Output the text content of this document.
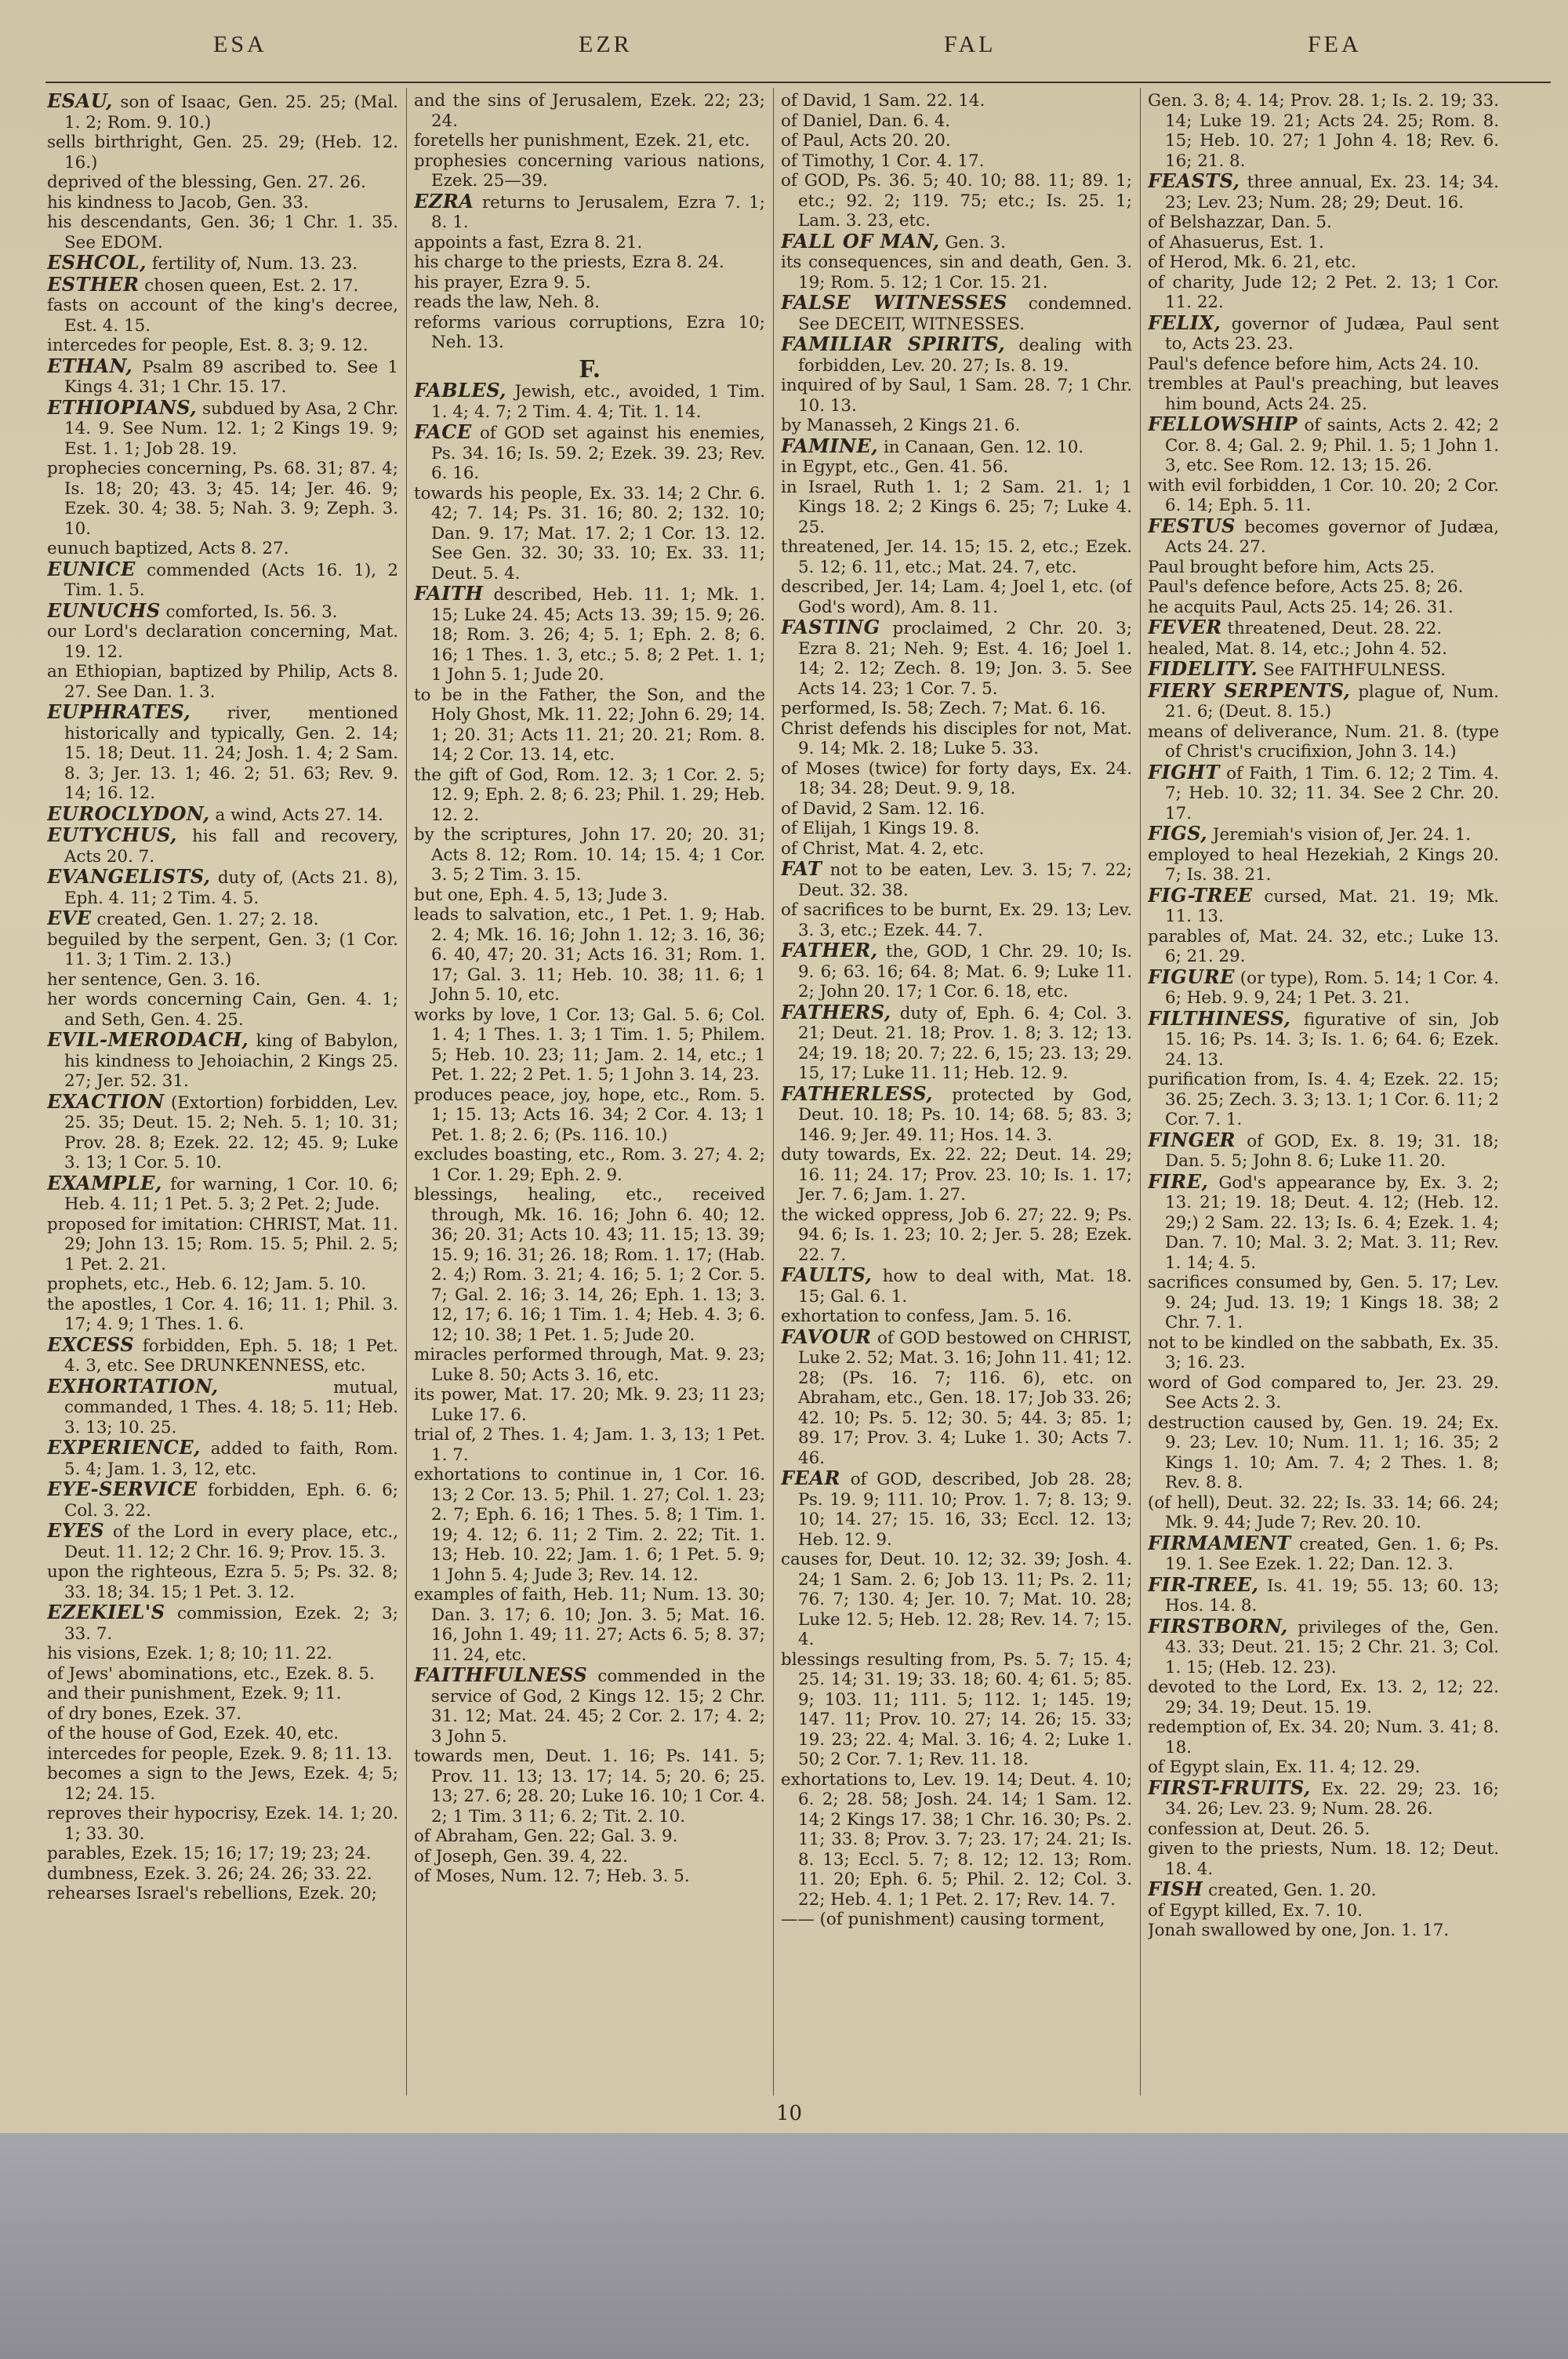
ESA	EZR	FAL	FEA

ESAU, son of Isaac, Gen. 25. 25; (Mal. 1. 2; Rom. 9. 10.)

sells birthright, Gen. 25. 29; (Heb. 12. 16.)

deprived of the blessing, Gen. 27. 26.

his kindness to Jacob, Gen. 33.

his descendants, Gen. 36; 1 Chr. 1. 35. See EDOM.

ESHCOL, fertility of, Num. 13. 23.

ESTHER chosen queen, Est. 2. 17.

fasts on account of the king's decree, Est. 4. 15.

intercedes for people, Est. 8. 3; 9. 12.

ETHAN, Psalm 89 ascribed to. See 1 Kings 4. 31; 1 Chr. 15. 17.

ETHIOPIANS, subdued by Asa, 2 Chr. 14. 9. See Num. 12. 1; 2 Kings 19. 9; Est. 1. 1; Job 28. 19.

prophecies concerning, Ps. 68. 31; 87. 4; Is. 18; 20; 43. 3; 45. 14; Jer. 46. 9; Ezek. 30. 4; 38. 5; Nah. 3. 9; Zeph. 3. 10.

eunuch baptized, Acts 8. 27.

EUNICE commended (Acts 16. 1), 2 Tim. 1. 5.

EUNUCHS comforted, Is. 56. 3.

our Lord's declaration concerning, Mat. 19. 12.

an Ethiopian, baptized by Philip, Acts 8. 27. See Dan. 1. 3.

EUPHRATES, river, mentioned historically and typically, Gen. 2. 14; 15. 18; Deut. 11. 24; Josh. 1. 4; 2 Sam. 8. 3; Jer. 13. 1; 46. 2; 51. 63; Rev. 9. 14; 16. 12.

EUROCLYDON, a wind, Acts 27. 14.

EUTYCHUS, his fall and recovery, Acts 20. 7.

EVANGELISTS, duty of, (Acts 21. 8), Eph. 4. 11; 2 Tim. 4. 5.

EVE created, Gen. 1. 27; 2. 18.

beguiled by the serpent, Gen. 3; (1 Cor. 11. 3; 1 Tim. 2. 13.)

her sentence, Gen. 3. 16.

her words concerning Cain, Gen. 4. 1; and Seth, Gen. 4. 25.

EVIL-MERODACH, king of Babylon, his kindness to Jehoiachin, 2 Kings 25. 27; Jer. 52. 31.

EXACTION (Extortion) forbidden, Lev. 25. 35; Deut. 15. 2; Neh. 5. 1; 10. 31; Prov. 28. 8; Ezek. 22. 12; 45. 9; Luke 3. 13; 1 Cor. 5. 10.

EXAMPLE, for warning, 1 Cor. 10. 6; Heb. 4. 11; 1 Pet. 5. 3; 2 Pet. 2; Jude.

proposed for imitation: CHRIST, Mat. 11. 29; John 13. 15; Rom. 15. 5; Phil. 2. 5; 1 Pet. 2. 21.

prophets, etc., Heb. 6. 12; Jam. 5. 10.

the apostles, 1 Cor. 4. 16; 11. 1; Phil. 3. 17; 4. 9; 1 Thes. 1. 6.

EXCESS forbidden, Eph. 5. 18; 1 Pet. 4. 3, etc. See DRUNKENNESS, etc.

EXHORTATION,	mutual, commanded, 1 Thes. 4. 18; 5. 11; Heb. 3. 13; 10. 25.

EXPERIENCE, added to faith, Rom. 5. 4; Jam. 1. 3, 12, etc.

EYE-SERVICE forbidden, Eph. 6. 6; Col. 3. 22.

EYES of the Lord in every place, etc., Deut. 11. 12; 2 Chr. 16. 9; Prov. 15. 3.

upon the righteous, Ezra 5. 5; Ps. 32. 8; 33. 18; 34. 15; 1 Pet. 3. 12.

EZEKIEL'S commission, Ezek. 2; 3; 33. 7.

his visions, Ezek. 1; 8; 10; 11. 22.

of Jews' abominations, etc., Ezek. 8. 5.

and their punishment, Ezek. 9; 11.

of dry bones, Ezek. 37.

of the house of God, Ezek. 40, etc.

intercedes for people, Ezek. 9. 8; 11. 13.

becomes a sign to the Jews, Ezek. 4; 5; 12; 24. 15.

reproves their hypocrisy, Ezek. 14. 1; 20. 1; 33. 30.

parables, Ezek. 15; 16; 17; 19; 23; 24.

dumbness, Ezek. 3. 26; 24. 26; 33. 22.

rehearses Israel's rebellions, Ezek. 20;

and the sins of Jerusalem, Ezek. 22; 23; 24.

foretells her punishment, Ezek. 21, etc.

prophesies concerning various nations, Ezek. 25—39.

EZRA returns to Jerusalem, Ezra 7. 1; 8. 1.

appoints a fast, Ezra 8. 21.

his charge to the priests, Ezra 8. 24.

his prayer, Ezra 9. 5.

reads the law, Neh. 8.

reforms various corruptions, Ezra 10; Neh. 13.

F.

FABLES, Jewish, etc., avoided, 1 Tim. 1. 4; 4. 7; 2 Tim. 4. 4; Tit. 1. 14.

FACE of GOD set against his enemies, Ps. 34. 16; Is. 59. 2; Ezek. 39. 23; Rev. 6. 16.

towards his people, Ex. 33. 14; 2 Chr. 6. 42; 7. 14; Ps. 31. 16; 80. 2; 132. 10; Dan. 9. 17; Mat. 17. 2; 1 Cor. 13. 12. See Gen. 32. 30; 33. 10; Ex. 33. 11; Deut. 5. 4.

FAITH described, Heb. 11. 1; Mk. 1. 15; Luke 24. 45; Acts 13. 39; 15. 9; 26. 18; Rom. 3. 26; 4; 5. 1; Eph. 2. 8; 6. 16; 1 Thes. 1. 3, etc.; 5. 8; 2 Pet. 1. 1; 1 John 5. 1; Jude 20.

to be in the Father, the Son, and the Holy Ghost, Mk. 11. 22; John 6. 29; 14. 1; 20. 31; Acts 11. 21; 20. 21; Rom. 8. 14; 2 Cor. 13. 14, etc.

the gift of God, Rom. 12. 3; 1 Cor. 2. 5; 12. 9; Eph. 2. 8; 6. 23; Phil. 1. 29; Heb. 12. 2.

by the scriptures, John 17. 20; 20. 31; Acts 8. 12; Rom. 10. 14; 15. 4; 1 Cor. 3. 5; 2 Tim. 3. 15.

but one, Eph. 4. 5, 13; Jude 3.

leads to salvation, etc., 1 Pet. 1. 9; Hab. 2. 4; Mk. 16. 16; John 1. 12; 3. 16, 36; 6. 40, 47; 20. 31; Acts 16. 31; Rom. 1. 17; Gal. 3. 11; Heb. 10. 38; 11. 6; 1 John 5. 10, etc.

works by love, 1 Cor. 13; Gal. 5. 6; Col. 1. 4; 1 Thes. 1. 3; 1 Tim. 1. 5; Philem. 5; Heb. 10. 23; 11; Jam. 2. 14, etc.; 1 Pet. 1. 22; 2 Pet. 1. 5; 1 John 3. 14, 23.

produces peace, joy, hope, etc., Rom. 5. 1; 15. 13; Acts 16. 34; 2 Cor. 4. 13; 1 Pet. 1. 8; 2. 6; (Ps. 116. 10.)

excludes boasting, etc., Rom. 3. 27; 4. 2; 1 Cor. 1. 29; Eph. 2. 9.

blessings, healing, etc., received through, Mk. 16. 16; John 6. 40; 12. 36; 20. 31; Acts 10. 43; 11. 15; 13. 39; 15. 9; 16. 31; 26. 18; Rom. 1. 17; (Hab. 2. 4;) Rom. 3. 21; 4. 16; 5. 1; 2 Cor. 5. 7; Gal. 2. 16; 3. 14, 26; Eph. 1. 13; 3. 12, 17; 6. 16; 1 Tim. 1. 4; Heb. 4. 3; 6. 12; 10. 38; 1 Pet. 1. 5; Jude 20.

miracles performed through, Mat. 9. 23; Luke 8. 50; Acts 3. 16, etc.

its power, Mat. 17. 20; Mk. 9. 23; 11 23; Luke 17. 6.

trial of, 2 Thes. 1. 4; Jam. 1. 3, 13; 1 Pet. 1. 7.

exhortations to continue in, 1 Cor. 16. 13; 2 Cor. 13. 5; Phil. 1. 27; Col. 1. 23; 2. 7; Eph. 6. 16; 1 Thes. 5. 8; 1 Tim. 1. 19; 4. 12; 6. 11; 2 Tim. 2. 22; Tit. 1. 13; Heb. 10. 22; Jam. 1. 6; 1 Pet. 5. 9; 1 John 5. 4; Jude 3; Rev. 14. 12.

examples of faith, Heb. 11; Num. 13. 30; Dan. 3. 17; 6. 10; Jon. 3. 5; Mat. 16. 16, John 1. 49; 11. 27; Acts 6. 5; 8. 37; 11. 24, etc.

FAITHFULNESS commended in the service of God, 2 Kings 12. 15; 2 Chr. 31. 12; Mat. 24. 45; 2 Cor. 2. 17; 4. 2; 3 John 5.

towards men, Deut. 1. 16; Ps. 141. 5; Prov. 11. 13; 13. 17; 14. 5; 20. 6; 25. 13; 27. 6; 28. 20; Luke 16. 10; 1 Cor. 4. 2; 1 Tim. 3 11; 6. 2; Tit. 2. 10.

of Abraham, Gen. 22; Gal. 3. 9.

of Joseph, Gen. 39. 4, 22.

of Moses, Num. 12. 7; Heb. 3. 5.

of David, 1 Sam. 22. 14.

of Daniel, Dan. 6. 4.

of Paul, Acts 20. 20.

of Timothy, 1 Cor. 4. 17.

of GOD, Ps. 36. 5; 40. 10; 88. 11; 89. 1; etc.; 92. 2; 119. 75; etc.; Is. 25. 1; Lam. 3. 23, etc.

FALL OF MAN, Gen. 3.

its consequences, sin and death, Gen. 3. 19; Rom. 5. 12; 1 Cor. 15. 21.

FALSE WITNESSES condemned. See DECEIT, WITNESSES.

FAMILIAR SPIRITS, dealing with forbidden, Lev. 20. 27; Is. 8. 19.

inquired of by Saul, 1 Sam. 28. 7; 1 Chr. 10. 13.

by Manasseh, 2 Kings 21. 6.

FAMINE, in Canaan, Gen. 12. 10.

in Egypt, etc., Gen. 41. 56.

in Israel, Ruth 1. 1; 2 Sam. 21. 1; 1 Kings 18. 2; 2 Kings 6. 25; 7; Luke 4. 25.

threatened, Jer. 14. 15; 15. 2, etc.; Ezek. 5. 12; 6. 11, etc.; Mat. 24. 7, etc.

described, Jer. 14; Lam. 4; Joel 1, etc. (of God's word), Am. 8. 11.

FASTING proclaimed, 2 Chr. 20. 3; Ezra 8. 21; Neh. 9; Est. 4. 16; Joel 1. 14; 2. 12; Zech. 8. 19; Jon. 3. 5. See Acts 14. 23; 1 Cor. 7. 5.

performed, Is. 58; Zech. 7; Mat. 6. 16.

Christ defends his disciples for not, Mat. 9. 14; Mk. 2. 18; Luke 5. 33.

of Moses (twice) for forty days, Ex. 24. 18; 34. 28; Deut. 9. 9, 18.

of David, 2 Sam. 12. 16.

of Elijah, 1 Kings 19. 8.

of Christ, Mat. 4. 2, etc.

FAT not to be eaten, Lev. 3. 15; 7. 22; Deut. 32. 38.

of sacrifices to be burnt, Ex. 29. 13; Lev. 3. 3, etc.; Ezek. 44. 7.

FATHER, the, GOD, 1 Chr. 29. 10; Is. 9. 6; 63. 16; 64. 8; Mat. 6. 9; Luke 11. 2; John 20. 17; 1 Cor. 6. 18, etc.

FATHERS, duty of, Eph. 6. 4; Col. 3. 21; Deut. 21. 18; Prov. 1. 8; 3. 12; 13. 24; 19. 18; 20. 7; 22. 6, 15; 23. 13; 29. 15, 17; Luke 11. 11; Heb. 12. 9.

FATHERLESS, protected by God, Deut. 10. 18; Ps. 10. 14; 68. 5; 83. 3; 146. 9; Jer. 49. 11; Hos. 14. 3.

duty towards, Ex. 22. 22; Deut. 14. 29; 16. 11; 24. 17; Prov. 23. 10; Is. 1. 17; Jer. 7. 6; Jam. 1. 27.

the wicked oppress, Job 6. 27; 22. 9; Ps. 94. 6; Is. 1. 23; 10. 2; Jer. 5. 28; Ezek. 22. 7.

FAULTS, how to deal with, Mat. 18. 15; Gal. 6. 1.

exhortation to confess, Jam. 5. 16.

FAVOUR of GOD bestowed on CHRIST, Luke 2. 52; Mat. 3. 16; John 11. 41; 12. 28; (Ps. 16. 7; 116. 6), etc. on Abraham, etc., Gen. 18. 17; Job 33. 26; 42. 10; Ps. 5. 12; 30. 5; 44. 3; 85. 1; 89. 17; Prov. 3. 4; Luke 1. 30; Acts 7. 46.

FEAR of GOD, described, Job 28. 28; Ps. 19. 9; 111. 10; Prov. 1. 7; 8. 13; 9. 10; 14. 27; 15. 16, 33; Eccl. 12. 13; Heb. 12. 9.

causes for, Deut. 10. 12; 32. 39; Josh. 4. 24; 1 Sam. 2. 6; Job 13. 11; Ps. 2. 11; 76. 7; 130. 4; Jer. 10. 7; Mat. 10. 28; Luke 12. 5; Heb. 12. 28; Rev. 14. 7; 15. 4.

blessings resulting from, Ps. 5. 7; 15. 4; 25. 14; 31. 19; 33. 18; 60. 4; 61. 5; 85. 9; 103. 11; 111. 5; 112. 1; 145. 19; 147. 11; Prov. 10. 27; 14. 26; 15. 33; 19. 23; 22. 4; Mal. 3. 16; 4. 2; Luke 1. 50; 2 Cor. 7. 1; Rev. 11. 18.

exhortations to, Lev. 19. 14; Deut. 4. 10; 6. 2; 28. 58; Josh. 24. 14; 1 Sam. 12. 14; 2 Kings 17. 38; 1 Chr. 16. 30; Ps. 2. 11; 33. 8; Prov. 3. 7; 23. 17; 24. 21; Is. 8. 13; Eccl. 5. 7; 8. 12; 12. 13; Rom. 11. 20; Eph. 6. 5; Phil. 2. 12; Col. 3. 22; Heb. 4. 1; 1 Pet. 2. 17; Rev. 14. 7.

—— (of punishment) causing torment,

Gen. 3. 8; 4. 14; Prov. 28. 1; Is. 2. 19; 33. 14; Luke 19. 21; Acts 24. 25; Rom. 8. 15; Heb. 10. 27; 1 John 4. 18; Rev. 6. 16; 21. 8.

FEASTS, three annual, Ex. 23. 14; 34. 23; Lev. 23; Num. 28; 29; Deut. 16.

of Belshazzar, Dan. 5.

of Ahasuerus, Est. 1.

of Herod, Mk. 6. 21, etc.

of charity, Jude 12; 2 Pet. 2. 13; 1 Cor. 11. 22.

FELIX, governor of Judæa, Paul sent to, Acts 23. 23.

Paul's defence before him, Acts 24. 10.

trembles at Paul's preaching, but leaves him bound, Acts 24. 25.

FELLOWSHIP of saints, Acts 2. 42; 2 Cor. 8. 4; Gal. 2. 9; Phil. 1. 5; 1 John 1. 3, etc. See Rom. 12. 13; 15. 26.

with evil forbidden, 1 Cor. 10. 20; 2 Cor. 6. 14; Eph. 5. 11.

FESTUS becomes governor of Judæa, Acts 24. 27.

Paul brought before him, Acts 25.

Paul's defence before, Acts 25. 8; 26.

he acquits Paul, Acts 25. 14; 26. 31.

FEVER threatened, Deut. 28. 22.

healed, Mat. 8. 14, etc.; John 4. 52.

FIDELITY. See FAITHFULNESS.

FIERY SERPENTS, plague of, Num. 21. 6; (Deut. 8. 15.)

means of deliverance, Num. 21. 8. (type of Christ's crucifixion, John 3. 14.)

FIGHT of Faith, 1 Tim. 6. 12; 2 Tim. 4. 7; Heb. 10. 32; 11. 34. See 2 Chr. 20. 17.

FIGS, Jeremiah's vision of, Jer. 24. 1.

employed to heal Hezekiah, 2 Kings 20. 7; Is. 38. 21.

FIG-TREE cursed, Mat. 21. 19; Mk. 11. 13.

parables of, Mat. 24. 32, etc.; Luke 13. 6; 21. 29.

FIGURE (or type), Rom. 5. 14; 1 Cor. 4. 6; Heb. 9. 9, 24; 1 Pet. 3. 21.

FILTHINESS, figurative of sin, Job 15. 16; Ps. 14. 3; Is. 1. 6; 64. 6; Ezek. 24. 13.

purification from, Is. 4. 4; Ezek. 22. 15; 36. 25; Zech. 3. 3; 13. 1; 1 Cor. 6. 11; 2 Cor. 7. 1.

FINGER of GOD, Ex. 8. 19; 31. 18; Dan. 5. 5; John 8. 6; Luke 11. 20.

FIRE, God's appearance by, Ex. 3. 2; 13. 21; 19. 18; Deut. 4. 12; (Heb. 12. 29;) 2 Sam. 22. 13; Is. 6. 4; Ezek. 1. 4; Dan. 7. 10; Mal. 3. 2; Mat. 3. 11; Rev. 1. 14; 4. 5.

sacrifices consumed by, Gen. 5. 17; Lev. 9. 24; Jud. 13. 19; 1 Kings 18. 38; 2 Chr. 7. 1.

not to be kindled on the sabbath, Ex. 35. 3; 16. 23.

word of God compared to, Jer. 23. 29. See Acts 2. 3.

destruction caused by, Gen. 19. 24; Ex. 9. 23; Lev. 10; Num. 11. 1; 16. 35; 2 Kings 1. 10; Am. 7. 4; 2 Thes. 1. 8; Rev. 8. 8.

(of hell), Deut. 32. 22; Is. 33. 14; 66. 24; Mk. 9. 44; Jude 7; Rev. 20. 10.

FIRMAMENT created, Gen. 1. 6; Ps. 19. 1. See Ezek. 1. 22; Dan. 12. 3.

FIR-TREE, Is. 41. 19; 55. 13; 60. 13; Hos. 14. 8.

FIRSTBORN, privileges of the, Gen. 43. 33; Deut. 21. 15; 2 Chr. 21. 3; Col. 1. 15; (Heb. 12. 23).

devoted to the Lord, Ex. 13. 2, 12; 22. 29; 34. 19; Deut. 15. 19.

redemption of, Ex. 34. 20; Num. 3. 41; 8. 18.

of Egypt slain, Ex. 11. 4; 12. 29.

FIRST-FRUITS, Ex. 22. 29; 23. 16; 34. 26; Lev. 23. 9; Num. 28. 26.

confession at, Deut. 26. 5.

given to the priests, Num. 18. 12; Deut. 18. 4.

FISH created, Gen. 1. 20.

of Egypt killed, Ex. 7. 10.

Jonah swallowed by one, Jon. 1. 17.

10
